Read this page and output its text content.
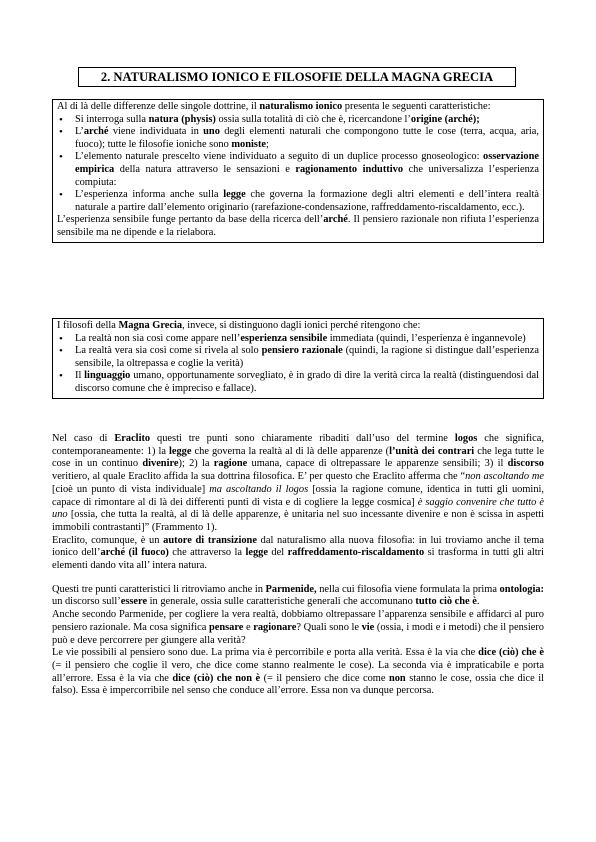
2. NATURALISMO IONICO E FILOSOFIE DELLA MAGNA GRECIA

Al di là delle differenze delle singole dottrine, il naturalismo ionico presenta le seguenti caratteristiche:

• Si interroga sulla natura (physis) ossia sulla totalità di ciò che è, ricercandone l’origine (arché);
• L’arché viene individuata in uno degli elementi naturali che compongono tutte le cose (terra, acqua, aria, fuoco); tutte le filosofie ioniche sono moniste;
• L’elemento naturale prescelto viene individuato a seguito di un duplice processo gnoseologico: osservazione empirica della natura attraverso le sensazioni e ragionamento induttivo che universalizza l’esperienza compiuta:
• L’esperienza informa anche sulla legge che governa la formazione degli altri elementi e dell’intera realtà naturale a partire dall’elemento originario (rarefazione-condensazione, raffreddamento-riscaldamento, ecc.).

L’esperienza sensibile funge pertanto da base della ricerca dell’arché. Il pensiero razionale non rifiuta l’esperienza sensibile ma ne dipende e la rielabora.

I filosofi della Magna Grecia, invece, si distinguono dagli ionici perché ritengono che:

• La realtà non sia così come appare nell’esperienza sensibile immediata (quindi, l’esperienza è ingannevole)
• La realtà vera sia così come si rivela al solo pensiero razionale (quindi, la ragione si distingue dall’esperienza sensibile, la oltrepassa e coglie la verità)
• Il linguaggio umano, opportunamente sorvegliato, è in grado di dire la verità circa la realtà (distinguendosi dal discorso comune che è impreciso e fallace).

Nel caso di Eraclito questi tre punti sono chiaramente ribaditi dall’uso del termine logos che significa, contemporaneamente: 1) la legge che governa la realtà al di là delle apparenze (l’unità dei contrari che lega tutte le cose in un continuo divenire); 2) la ragione umana, capace di oltrepassare le apparenze sensibili; 3) il discorso veritiero, al quale Eraclito affida la sua dottrina filosofica. E’ per questo che Eraclito afferma che “non ascoltando me [cioè un punto di vista individuale] ma ascoltando il logos [ossia la ragione comune, identica in tutti gli uomini, capace di rimontare al di là dei differenti punti di vista e di cogliere la legge cosmica] è saggio convenire che tutto è uno [ossia, che tutta la realtà, al di là delle apparenze, è unitaria nel suo incessante divenire e non è scissa in aspetti immobili contrastanti]” (Frammento 1).

Eraclito, comunque, è un autore di transizione dal naturalismo alla nuova filosofia: in lui troviamo anche il tema ionico dell’arché (il fuoco) che attraverso la legge del raffreddamento-riscaldamento si trasforma in tutti gli altri elementi dando vita all’ intera natura.

Questi tre punti caratteristici li ritroviamo anche in Parmenide, nella cui filosofia viene formulata la prima ontologia: un discorso sull’essere in generale, ossia sulle caratteristiche generali che accomunano tutto ciò che è.

Anche secondo Parmenide, per cogliere la vera realtà, dobbiamo oltrepassare l’apparenza sensibile e affidarci al puro pensiero razionale. Ma cosa significa pensare e ragionare? Quali sono le vie (ossia, i modi e i metodi) che il pensiero può e deve percorrere per giungere alla verità?

Le vie possibili al pensiero sono due. La prima via è percorribile e porta alla verità. Essa è la via che dice (ciò) che è (= il pensiero che coglie il vero, che dice come stanno realmente le cose). La seconda via è impraticabile e porta all’errore. Essa è la via che dice (ciò) che non è (= il pensiero che dice come non stanno le cose, ossia che dice il falso). Essa è impercorribile nel senso che conduce all’errore. Essa non va dunque percorsa.
